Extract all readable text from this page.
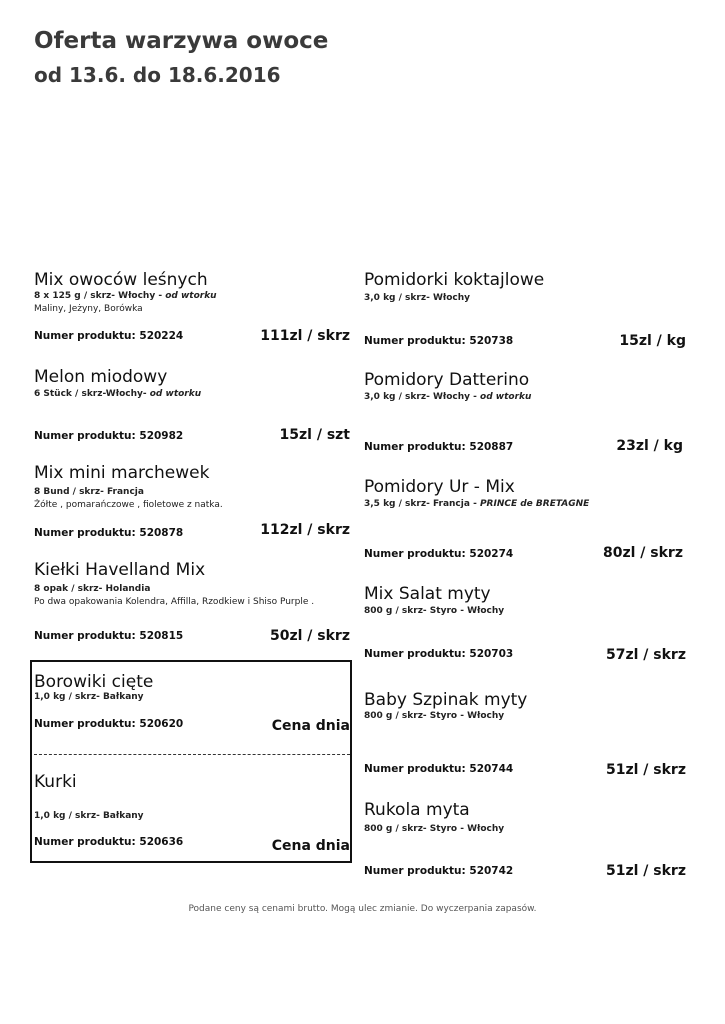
Oferta warzywa owoce
od 13.6. do 18.6.2016
Mix owoców leśnych
8 x 125 g / skrz- Włochy - od wtorku
Maliny, Jeżyny, Borówka
Numer produktu: 520224	111zl / skrz
Melon miodowy
6 Stück / skrz-Włochy- od wtorku
Numer produktu: 520982	15zl / szt
Mix mini marchewek
8 Bund / skrz- Francja
Żółte , pomarańczowe , fioletowe z natka.
Numer produktu: 520878	112zl / skrz
Kiełki Havelland Mix
8 opak / skrz- Holandia
Po dwa opakowania Kolendra, Affilla, Rzodkiew i Shiso Purple .
Numer produktu: 520815	50zl / skrz
Borowiki cięte
1,0 kg / skrz- Bałkany
Numer produktu: 520620	Cena dnia
Kurki
1,0 kg / skrz- Bałkany
Numer produktu: 520636	Cena dnia
Pomidorki koktajlowe
3,0 kg / skrz- Włochy
Numer produktu: 520738	15zl / kg
Pomidory Datterino
3,0 kg / skrz- Włochy - od wtorku
Numer produktu: 520887	23zl / kg
Pomidory Ur - Mix
3,5 kg / skrz- Francja - PRINCE de BRETAGNE
Numer produktu: 520274	80zl / skrz
Mix Salat myty
800 g / skrz- Styro - Włochy
Numer produktu: 520703	57zl / skrz
Baby Szpinak myty
800 g / skrz- Styro - Włochy
Numer produktu: 520744	51zl / skrz
Rukola myta
800 g / skrz- Styro - Włochy
Numer produktu: 520742	51zl / skrz
Podane ceny są cenami brutto. Mogą ulec zmianie. Do wyczerpania zapasów.
